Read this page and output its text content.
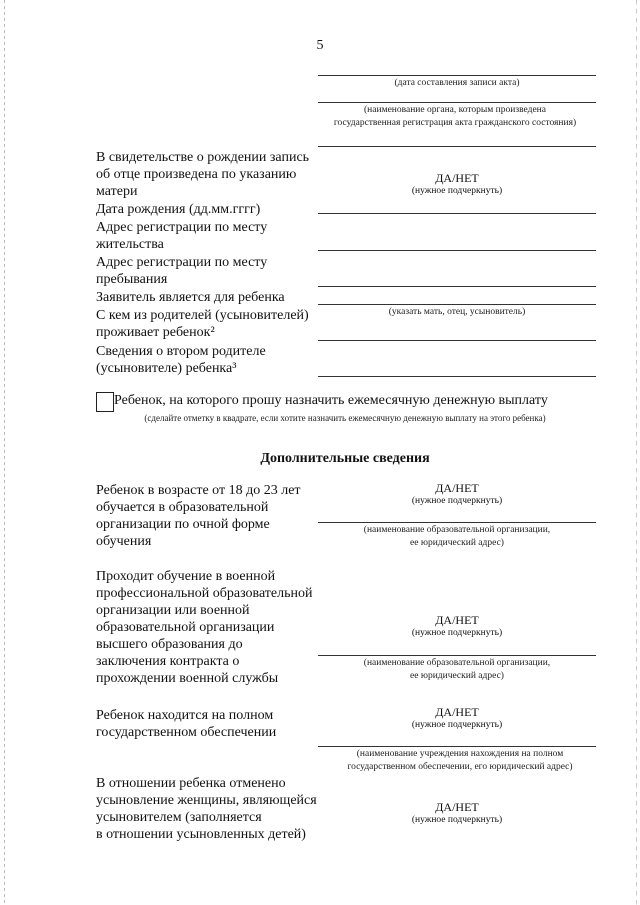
5
(дата составления записи акта)
(наименование органа, которым произведена
государственная регистрация акта гражданского состояния)
В свидетельстве о рождении запись
об отце произведена по указанию
матери
ДА/НЕТ
(нужное подчеркнуть)
Дата рождения (дд.мм.гггг)
Адрес регистрации по месту
жительства
Адрес регистрации по месту
пребывания
Заявитель является для ребенка
(указать мать, отец, усыновитель)
С кем из родителей (усыновителей)
проживает ребенок²
Сведения о втором родителе
(усыновителе) ребенка³
Ребенок, на которого прошу назначить ежемесячную денежную выплату
(сделайте отметку в квадрате, если хотите назначить ежемесячную денежную выплату на этого ребенка)
Дополнительные сведения
Ребенок в возрасте от 18 до 23 лет
обучается в образовательной
организации по очной форме
обучения
ДА/НЕТ
(нужное подчеркнуть)
(наименование образовательной организации,
ее юридический адрес)
Проходит обучение в военной
профессиональной образовательной
организации или военной
образовательной организации
высшего образования до
заключения контракта о
прохождении военной службы
ДА/НЕТ
(нужное подчеркнуть)
(наименование образовательной организации,
ее юридический адрес)
Ребенок находится на полном
государственном обеспечении
ДА/НЕТ
(нужное подчеркнуть)
(наименование учреждения нахождения на полном
государственном обеспечении, его юридический адрес)
В отношении ребенка отменено
усыновление женщины, являющейся
усыновителем (заполняется
в отношении усыновленных детей)
ДА/НЕТ
(нужное подчеркнуть)
